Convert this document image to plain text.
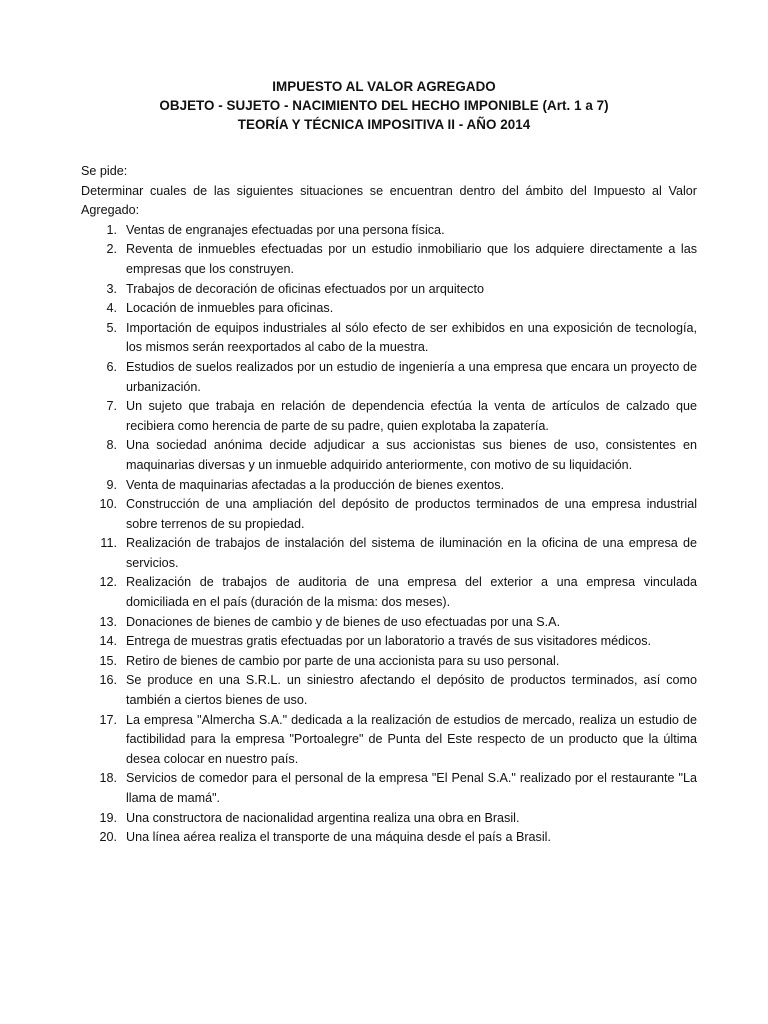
IMPUESTO AL VALOR AGREGADO
OBJETO - SUJETO - NACIMIENTO DEL HECHO IMPONIBLE (Art. 1 a 7)
TEORÍA Y TÉCNICA IMPOSITIVA II - AÑO 2014

Se pide:

Determinar cuales de las siguientes situaciones se encuentran dentro del ámbito del Impuesto al Valor Agregado:

1. Ventas de engranajes efectuadas por una persona física.
2. Reventa de inmuebles efectuadas por un estudio inmobiliario que los adquiere directamente a las empresas que los construyen.
3. Trabajos de decoración de oficinas efectuados por un arquitecto
4. Locación de inmuebles para oficinas.
5. Importación de equipos industriales al sólo efecto de ser exhibidos en una exposición de tecnología, los mismos serán reexportados al cabo de la muestra.
6. Estudios de suelos realizados por un estudio de ingeniería a una empresa que encara un proyecto de urbanización.
7. Un sujeto que trabaja en relación de dependencia efectúa la venta de artículos de calzado que recibiera como herencia de parte de su padre, quien explotaba la zapatería.
8. Una sociedad anónima decide adjudicar a sus accionistas sus bienes de uso, consistentes en maquinarias diversas y un inmueble adquirido anteriormente, con motivo de su liquidación.
9. Venta de maquinarias afectadas a la producción de bienes exentos.
10. Construcción de una ampliación del depósito de productos terminados de una empresa industrial sobre terrenos de su propiedad.
11. Realización de trabajos de instalación del sistema de iluminación en la oficina de una empresa de servicios.
12. Realización de trabajos de auditoria de una empresa del exterior a una empresa vinculada domiciliada en el país (duración de la misma: dos meses).
13. Donaciones de bienes de cambio y de bienes de uso efectuadas por una S.A.
14. Entrega de muestras gratis efectuadas por un laboratorio a través de sus visitadores médicos.
15. Retiro de bienes de cambio por parte de una accionista para su uso personal.
16. Se produce en una S.R.L. un siniestro afectando el depósito de productos terminados, así como también a ciertos bienes de uso.
17. La empresa "Almercha S.A." dedicada a la realización de estudios de mercado, realiza un estudio de factibilidad para la empresa "Portoalegre" de Punta del Este respecto de un producto que la última desea colocar en nuestro país.
18. Servicios de comedor para el personal de la empresa "El Penal S.A." realizado por el restaurante "La llama de mamá".
19. Una constructora de nacionalidad argentina realiza una obra en Brasil.
20. Una línea aérea realiza el transporte de una máquina desde el país a Brasil.
